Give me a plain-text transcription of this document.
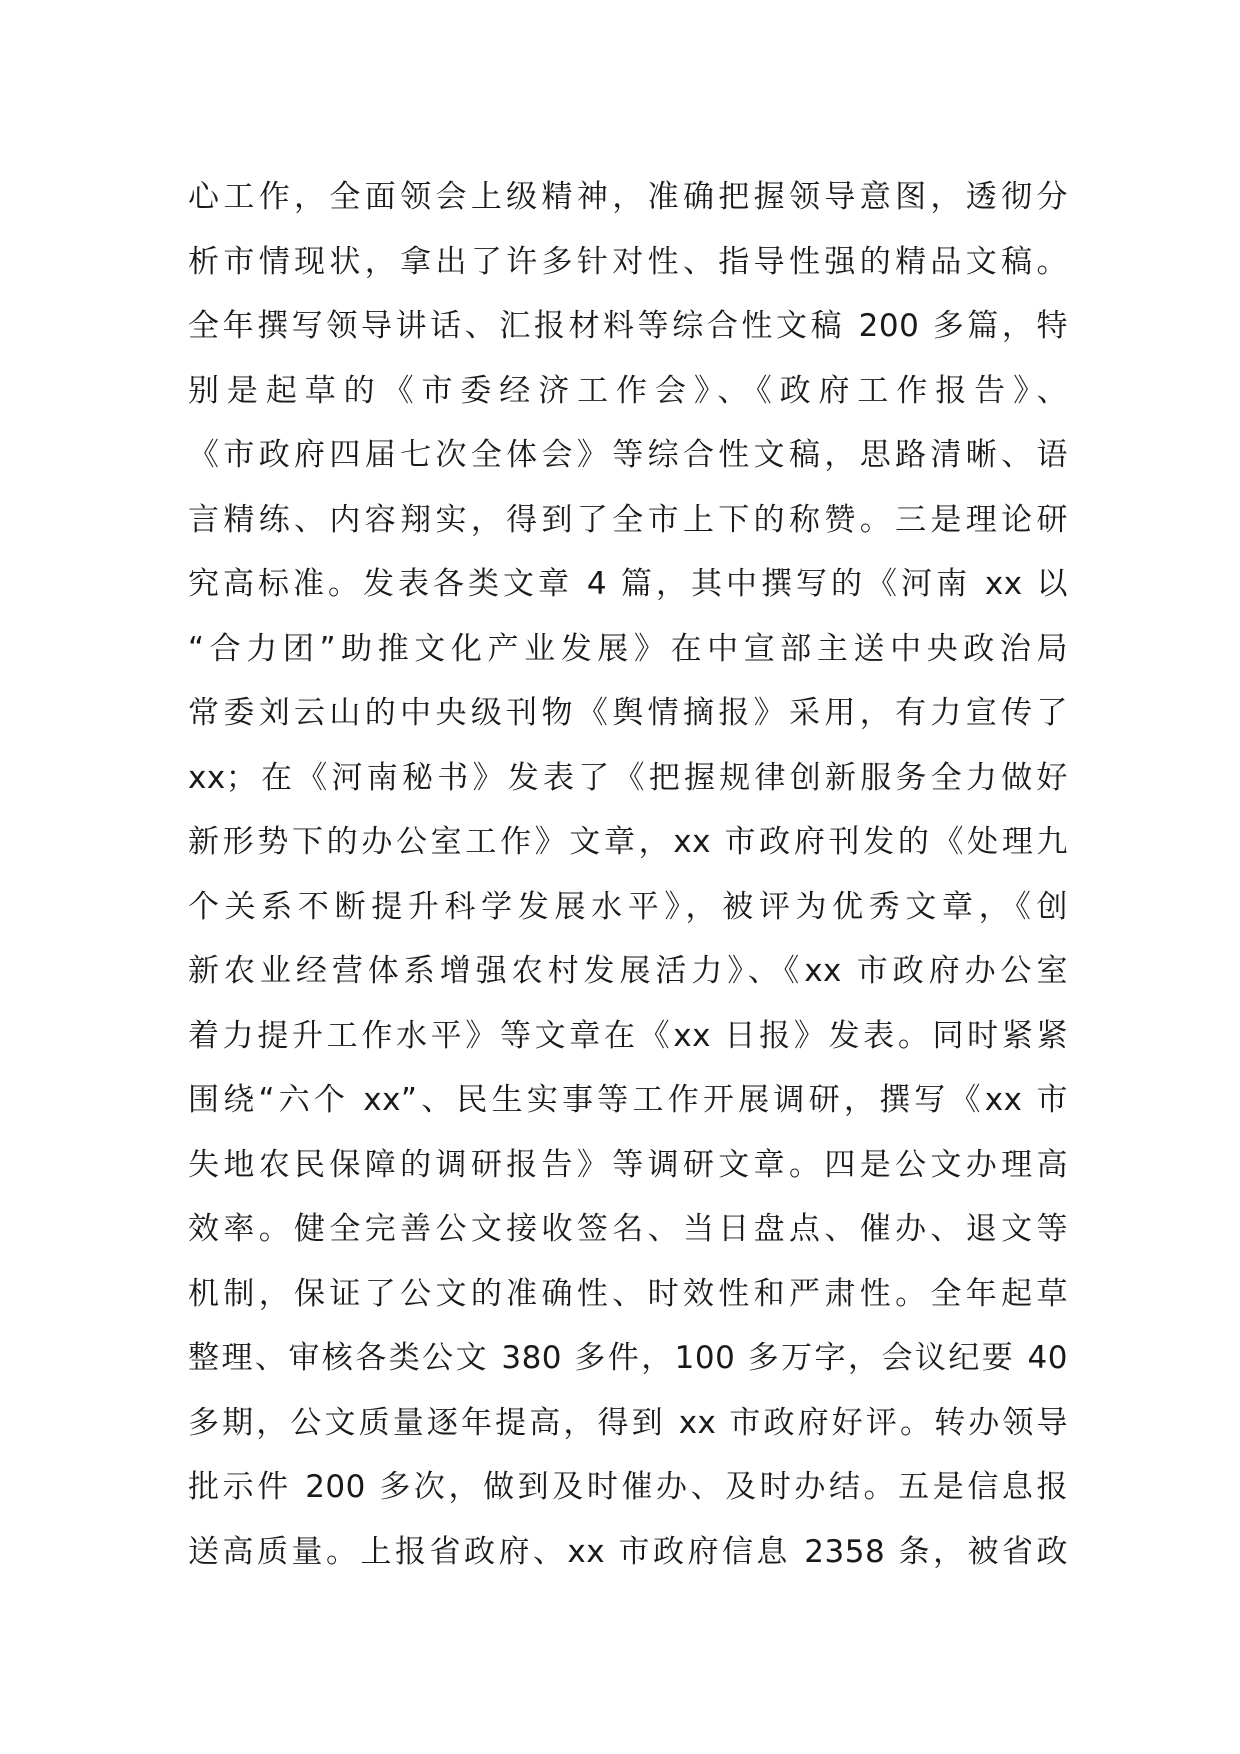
心工作，全面领会上级精神，准确把握领导意图，透彻分
析市情现状，拿出了许多针对性、指导性强的精品文稿。
全年撰写领导讲话、汇报材料等综合性文稿 200 多篇，特
别是起草的《市委经济工作会》、《政府工作报告》、
《市政府四届七次全体会》等综合性文稿，思路清晰、语
言精练、内容翔实，得到了全市上下的称赞。三是理论研
究高标准。发表各类文章 4 篇，其中撰写的《河南 xx 以
“合力团”助推文化产业发展》在中宣部主送中央政治局
常委刘云山的中央级刊物《舆情摘报》采用，有力宣传了
xx；在《河南秘书》发表了《把握规律创新服务全力做好
新形势下的办公室工作》文章，xx 市政府刊发的《处理九
个关系不断提升科学发展水平》，被评为优秀文章，《创
新农业经营体系增强农村发展活力》、《xx 市政府办公室
着力提升工作水平》等文章在《xx 日报》发表。同时紧紧
围绕“六个 xx”、民生实事等工作开展调研，撰写《xx 市
失地农民保障的调研报告》等调研文章。四是公文办理高
效率。健全完善公文接收签名、当日盘点、催办、退文等
机制，保证了公文的准确性、时效性和严肃性。全年起草
整理、审核各类公文 380 多件，100 多万字，会议纪要 40
多期，公文质量逐年提高，得到 xx 市政府好评。转办领导
批示件 200 多次，做到及时催办、及时办结。五是信息报
送高质量。上报省政府、xx 市政府信息 2358 条，被省政
